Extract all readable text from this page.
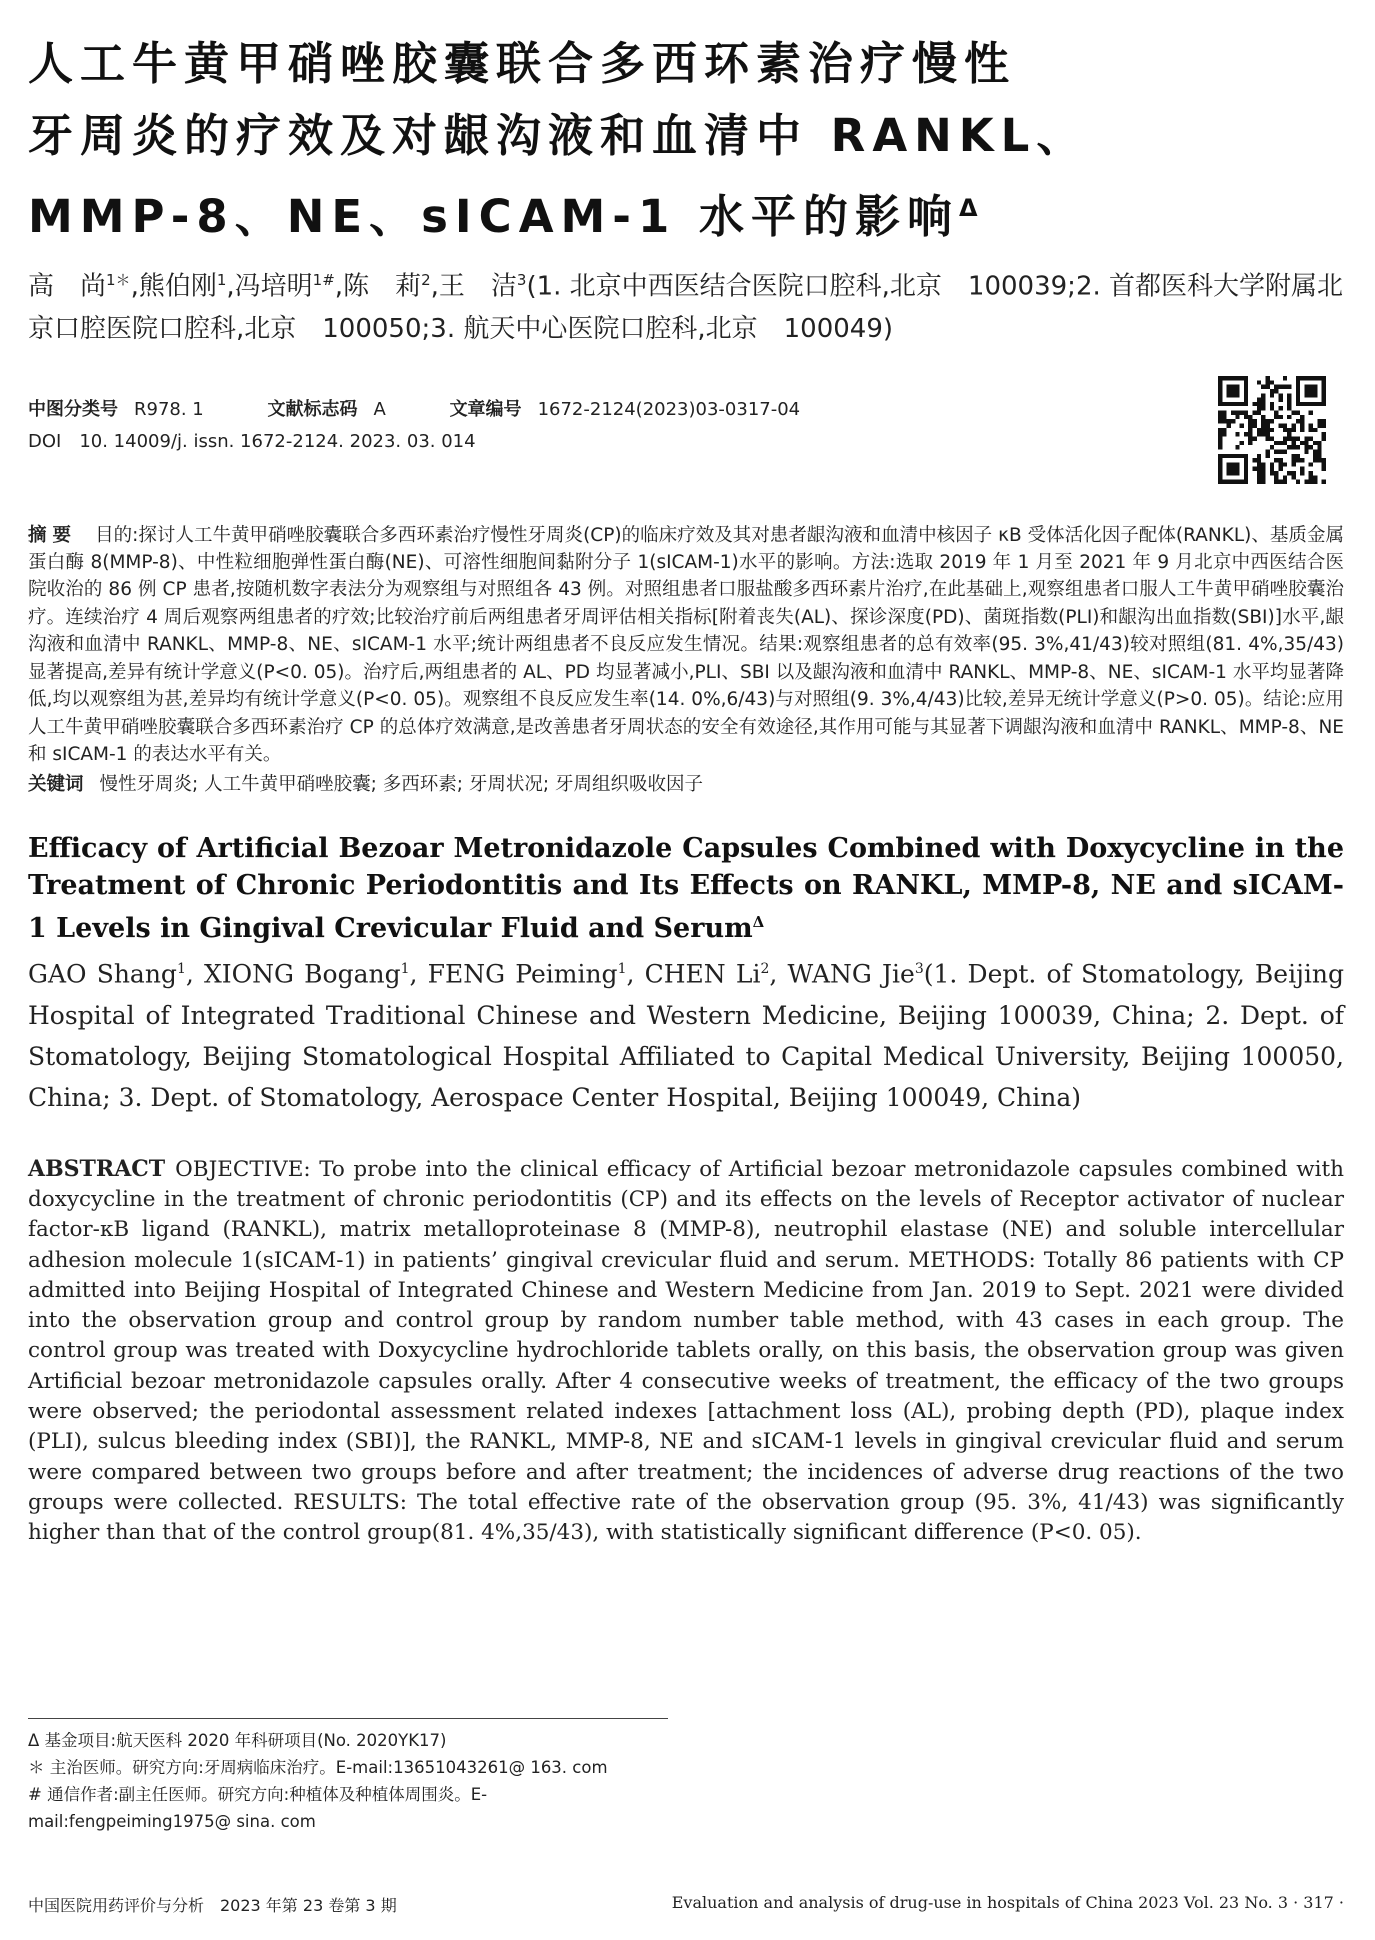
人工牛黄甲硝唑胶囊联合多西环素治疗慢性
牙周炎的疗效及对龈沟液和血清中 RANKL、
MMP-8、NE、sICAM-1 水平的影响$^\Delta$
高　尚$^{1*}$,熊伯刚$^1$,冯培明$^{1\#}$,陈　莉$^2$,王　洁$^3$(1. 北京中西医结合医院口腔科,北京　100039;2. 首都医科大学附属北京口腔医院口腔科,北京　100050;3. 航天中心医院口腔科,北京　100049)
中图分类号 R978. 1	文献标志码 A	文章编号 1672-2124(2023)03-0317-04
DOI　10. 14009/j. issn. 1672-2124. 2023. 03. 014
摘要 目的:探讨人工牛黄甲硝唑胶囊联合多西环素治疗慢性牙周炎(CP)的临床疗效及其对患者龈沟液和血清中核因子 κB 受体活化因子配体(RANKL)、基质金属蛋白酶 8(MMP-8)、中性粒细胞弹性蛋白酶(NE)、可溶性细胞间黏附分子 1(sICAM-1)水平的影响。方法:选取 2019 年 1 月至 2021 年 9 月北京中西医结合医院收治的 86 例 CP 患者,按随机数字表法分为观察组与对照组各 43 例。对照组患者口服盐酸多西环素片治疗,在此基础上,观察组患者口服人工牛黄甲硝唑胶囊治疗。连续治疗 4 周后观察两组患者的疗效;比较治疗前后两组患者牙周评估相关指标[附着丧失(AL)、探诊深度(PD)、菌斑指数(PLI)和龈沟出血指数(SBI)]水平,龈沟液和血清中 RANKL、MMP-8、NE、sICAM-1 水平;统计两组患者不良反应发生情况。结果:观察组患者的总有效率(95. 3%,41/43)较对照组(81. 4%,35/43)显著提高,差异有统计学意义(P<0. 05)。治疗后,两组患者的 AL、PD 均显著减小,PLI、SBI 以及龈沟液和血清中 RANKL、MMP-8、NE、sICAM-1 水平均显著降低,均以观察组为甚,差异均有统计学意义(P<0. 05)。观察组不良反应发生率(14. 0%,6/43)与对照组(9. 3%,4/43)比较,差异无统计学意义(P>0. 05)。结论:应用人工牛黄甲硝唑胶囊联合多西环素治疗 CP 的总体疗效满意,是改善患者牙周状态的安全有效途径,其作用可能与其显著下调龈沟液和血清中 RANKL、MMP-8、NE 和 sICAM-1 的表达水平有关。
关键词 慢性牙周炎; 人工牛黄甲硝唑胶囊; 多西环素; 牙周状况; 牙周组织吸收因子
Efficacy of Artificial Bezoar Metronidazole Capsules Combined with Doxycycline in the Treatment of Chronic Periodontitis and Its Effects on RANKL, MMP-8, NE and sICAM-1 Levels in Gingival Crevicular Fluid and Serum$^\Delta$
GAO Shang$^1$, XIONG Bogang$^1$, FENG Peiming$^1$, CHEN Li$^2$, WANG Jie$^3$(1. Dept. of Stomatology, Beijing Hospital of Integrated Traditional Chinese and Western Medicine, Beijing 100039, China; 2. Dept. of Stomatology, Beijing Stomatological Hospital Affiliated to Capital Medical University, Beijing 100050, China; 3. Dept. of Stomatology, Aerospace Center Hospital, Beijing 100049, China)
ABSTRACT OBJECTIVE: To probe into the clinical efficacy of Artificial bezoar metronidazole capsules combined with doxycycline in the treatment of chronic periodontitis (CP) and its effects on the levels of Receptor activator of nuclear factor-κB ligand (RANKL), matrix metalloproteinase 8 (MMP-8), neutrophil elastase (NE) and soluble intercellular adhesion molecule 1(sICAM-1) in patients’ gingival crevicular fluid and serum. METHODS: Totally 86 patients with CP admitted into Beijing Hospital of Integrated Chinese and Western Medicine from Jan. 2019 to Sept. 2021 were divided into the observation group and control group by random number table method, with 43 cases in each group. The control group was treated with Doxycycline hydrochloride tablets orally, on this basis, the observation group was given Artificial bezoar metronidazole capsules orally. After 4 consecutive weeks of treatment, the efficacy of the two groups were observed; the periodontal assessment related indexes [attachment loss (AL), probing depth (PD), plaque index (PLI), sulcus bleeding index (SBI)], the RANKL, MMP-8, NE and sICAM-1 levels in gingival crevicular fluid and serum were compared between two groups before and after treatment; the incidences of adverse drug reactions of the two groups were collected. RESULTS: The total effective rate of the observation group (95. 3%, 41/43) was significantly higher than that of the control group(81. 4%,35/43), with statistically significant difference (P<0. 05).
Δ 基金项目:航天医科 2020 年科研项目(No. 2020YK17)
＊ 主治医师。研究方向:牙周病临床治疗。E-mail:13651043261@ 163. com
# 通信作者:副主任医师。研究方向:种植体及种植体周围炎。E-mail:fengpeiming1975@ sina. com
中国医院用药评价与分析　2023 年第 23 卷第 3 期	Evaluation and analysis of drug-use in hospitals of China 2023 Vol. 23 No. 3 · 317 ·
